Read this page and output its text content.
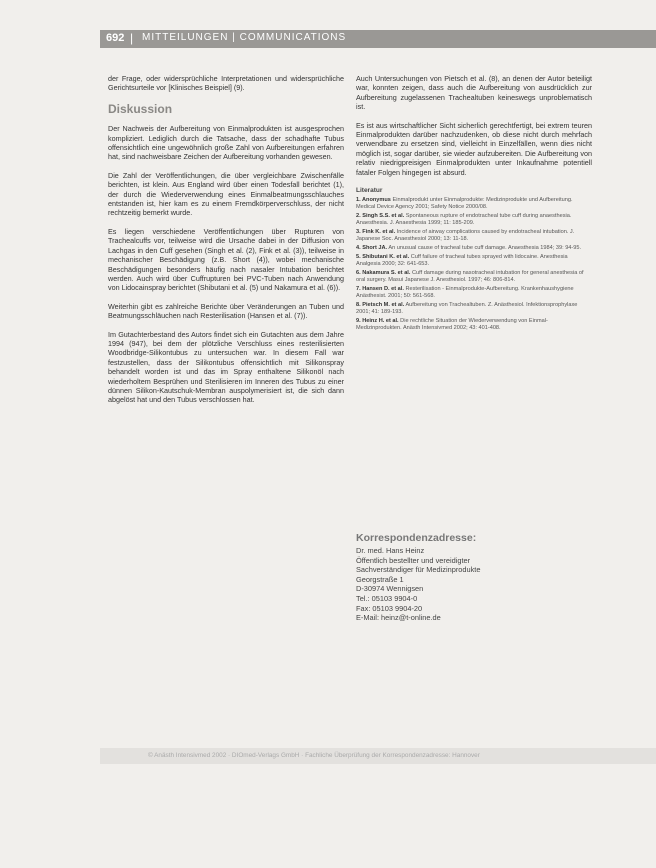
692 | MITTEILUNGEN | COMMUNICATIONS

der Frage, oder widersprüchliche Interpretationen und widersprüchliche Gerichtsurteile vor [Klinisches Beispiel] (9).

Diskussion

Der Nachweis der Aufbereitung von Einmalprodukten ist ausgesprochen kompliziert. Lediglich durch die Tatsache, dass der schadhafte Tubus offensichtlich eine ungewöhnlich große Zahl von Aufbereitungen erfahren hat, sind nachweisbare Zeichen der Aufbereitung vorhanden gewesen.

Die Zahl der Veröffentlichungen, die über vergleichbare Zwischenfälle berichten, ist klein. Aus England wird über einen Todesfall berichtet (1), der durch die Wiederverwendung eines Einmalbeatmungsschlauches entstanden ist, hier kam es zu einem Fremdkörperverschluss, der nicht rechtzeitig bemerkt wurde.

Es liegen verschiedene Veröffentlichungen über Rupturen von Trachealcuffs vor, teilweise wird die Ursache dabei in der Diffusion von Lachgas in den Cuff gesehen (Singh et al. (2), Fink et al. (3)), teilweise in mechanischer Beschädigung (z.B. Short (4)), wobei mechanische Beschädigungen besonders häufig nach nasaler Intubation berichtet werden. Auch wird über Cuffrupturen bei PVC-Tuben nach Anwendung von Lidocainspray berichtet (Shibutani et al. (5) und Nakamura et al. (6)).

Weiterhin gibt es zahlreiche Berichte über Veränderungen an Tuben und Beatmungsschläuchen nach Resterilisation (Hansen et al. (7)).

Im Gutachterbestand des Autors findet sich ein Gutachten aus dem Jahre 1994 (947), bei dem der plötzliche Verschluss eines resterilisierten Woodbridge-Silikontubus zu untersuchen war. In diesem Fall war festzustellen, dass der Silikontubus offensichtlich mit Silikonspray behandelt worden ist und das im Spray enthaltene Silikonöl nach wiederholtem Besprühen und Sterilisieren im Inneren des Tubus zu einer dünnen Silikon-Kautschuk-Membran auspolymerisiert ist, die sich dann abgelöst hat und den Tubus verschlossen hat.

Auch Untersuchungen von Pietsch et al. (8), an denen der Autor beteiligt war, konnten zeigen, dass auch die Aufbereitung von ausdrücklich zur Aufbereitung zugelassenen Trachealtuben keineswegs unproblematisch ist.

Es ist aus wirtschaftlicher Sicht sicherlich gerechtfertigt, bei extrem teuren Einmalprodukten darüber nachzudenken, ob diese nicht durch mehrfach verwendbare zu ersetzen sind, vielleicht in Einzelfällen, wenn dies nicht möglich ist, sogar darüber, sie wieder aufzubereiten. Die Aufbereitung von relativ niedrigpreisigen Einmalprodukten unter Inkaufnahme potentiell fataler Folgen hingegen ist absurd.

Literatur
1. Anonymus Einmalprodukt unter Einmalprodukte: Medizinprodukte und Aufbereitung. Medical Device Agency 2001; Safety Notice 2000/08.
2. Singh S.S. et al. Spontaneous rupture of endotracheal tube cuff during anaesthesia. Anaesthesia. J. Anaesthesia 1999; 11: 185-209.
3. Fink K. et al. Incidence of airway complications caused by endotracheal intubation. J. Japanese Soc. Anaesthesiol 2000; 13: 11-18.
4. Short JA. An unusual cause of tracheal tube cuff damage. Anaesthesia 1984; 39: 94-95.
5. Shibutani K. et al. Cuff failure of tracheal tubes sprayed with lidocaine. Anesthesia Analgesia 2000; 32: 641-653.
6. Nakamura S. et al. Cuff damage during nasotracheal intubation for general anesthesia of oral surgery. Masui Japanese J. Anesthesiol. 1997; 46: 806-814.
7. Hansen D. et al. Resterilisation - Einmalprodukte-Aufbereitung. Krankenhaushygiene Anästhesist. 2001; 50: 561-568.
8. Pietsch M. et al. Aufbereitung von Trachealtuben. Z. Anästhesiol. Infektionsprophylaxe 2001; 41: 189-193.
9. Heinz H. et al. Die rechtliche Situation der Wiederverwendung von Einmal-Medizinprodukten. Anästh Intensivmed 2002; 43: 401-408.
Korrespondenzadresse:
Dr. med. Hans Heinz
Öffentlich bestellter und vereidigter
Sachverständiger für Medizinprodukte
Georgstraße 1
D-30974 Wennigsen
Tel.: 05103 9904-0
Fax: 05103 9904-20
E-Mail: heinz@t-online.de
© Anästh Intensivmed 2002 · DIOmed-Verlags GmbH · Fachliche Überprüfung der Korrespondenzadresse: Hannover
